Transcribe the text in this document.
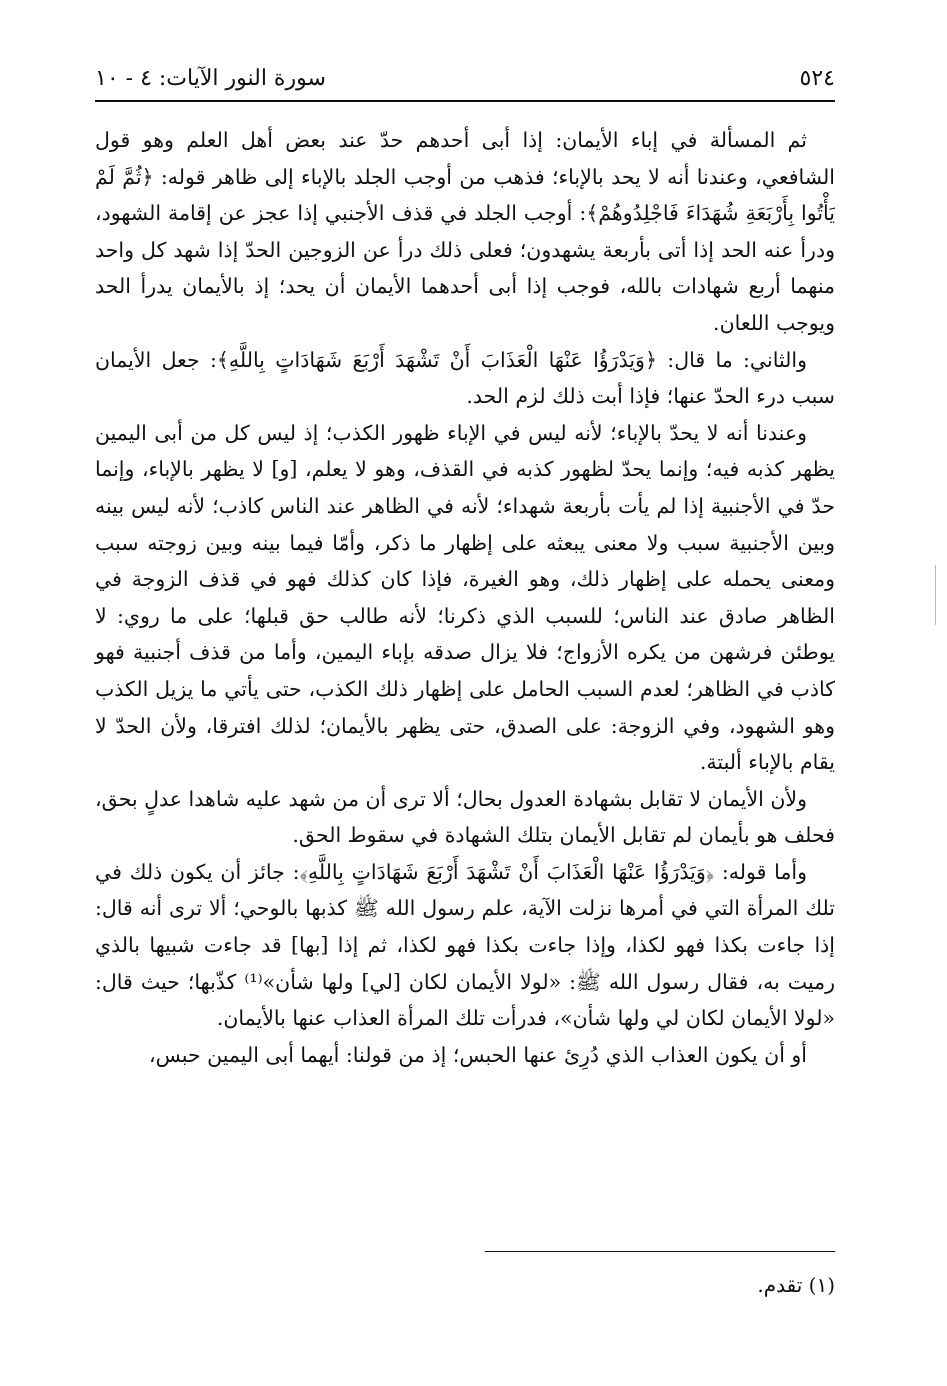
٥٢٤
سورة النور الآيات: ٤ - ١٠

ثم المسألة في إباء الأيمان: إذا أبى أحدهم حدّ عند بعض أهل العلم وهو قول الشافعي، وعندنا أنه لا يحد بالإباء؛ فذهب من أوجب الجلد بالإباء إلى ظاهر قوله: ﴿ثُمَّ لَمْ يَأْتُوا بِأَرْبَعَةِ شُهَدَاءَ فَاجْلِدُوهُمْ﴾: أوجب الجلد في قذف الأجنبي إذا عجز عن إقامة الشهود، ودرأ عنه الحد إذا أتى بأربعة يشهدون؛ فعلى ذلك درأ عن الزوجين الحدّ إذا شهد كل واحد منهما أربع شهادات بالله، فوجب إذا أبى أحدهما الأيمان أن يحد؛ إذ بالأيمان يدرأ الحد ويوجب اللعان.

والثاني: ما قال: ﴿وَيَدْرَؤُا عَنْهَا الْعَذَابَ أَنْ تَشْهَدَ أَرْبَعَ شَهَادَاتٍ بِاللَّهِ﴾: جعل الأيمان سبب درء الحدّ عنها؛ فإذا أبت ذلك لزم الحد.

وعندنا أنه لا يحدّ بالإباء؛ لأنه ليس في الإباء ظهور الكذب؛ إذ ليس كل من أبى اليمين يظهر كذبه فيه؛ وإنما يحدّ لظهور كذبه في القذف، وهو لا يعلم، [و] لا يظهر بالإباء، وإنما حدّ في الأجنبية إذا لم يأت بأربعة شهداء؛ لأنه في الظاهر عند الناس كاذب؛ لأنه ليس بينه وبين الأجنبية سبب ولا معنى يبعثه على إظهار ما ذكر، وأمّا فيما بينه وبين زوجته سبب ومعنى يحمله على إظهار ذلك، وهو الغيرة، فإذا كان كذلك فهو في قذف الزوجة في الظاهر صادق عند الناس؛ للسبب الذي ذكرنا؛ لأنه طالب حق قبلها؛ على ما روي: لا يوطئن فرشهن من يكره الأزواج؛ فلا يزال صدقه بإباء اليمين، وأما من قذف أجنبية فهو كاذب في الظاهر؛ لعدم السبب الحامل على إظهار ذلك الكذب، حتى يأتي ما يزيل الكذب وهو الشهود، وفي الزوجة: على الصدق، حتى يظهر بالأيمان؛ لذلك افترقا، ولأن الحدّ لا يقام بالإباء ألبتة.

ولأن الأيمان لا تقابل بشهادة العدول بحال؛ ألا ترى أن من شهد عليه شاهدا عدلٍ بحق، فحلف هو بأيمان لم تقابل الأيمان بتلك الشهادة في سقوط الحق.

وأما قوله: ﴿وَيَدْرَؤُا عَنْهَا الْعَذَابَ أَنْ تَشْهَدَ أَرْبَعَ شَهَادَاتٍ بِاللَّهِ﴾: جائز أن يكون ذلك في تلك المرأة التي في أمرها نزلت الآية، علم رسول الله ﷺ كذبها بالوحي؛ ألا ترى أنه قال: إذا جاءت بكذا فهو لكذا، وإذا جاءت بكذا فهو لكذا، ثم إذا [بها] قد جاءت شبيها بالذي رميت به، فقال رسول الله ﷺ: «لولا الأيمان لكان [لي] ولها شأن»⁽¹⁾ كذّبها؛ حيث قال: «لولا الأيمان لكان لي ولها شأن»، فدرأت تلك المرأة العذاب عنها بالأيمان.

أو أن يكون العذاب الذي دُرِئ عنها الحبس؛ إذ من قولنا: أيهما أبى اليمين حبس،

(١) تقدم.
